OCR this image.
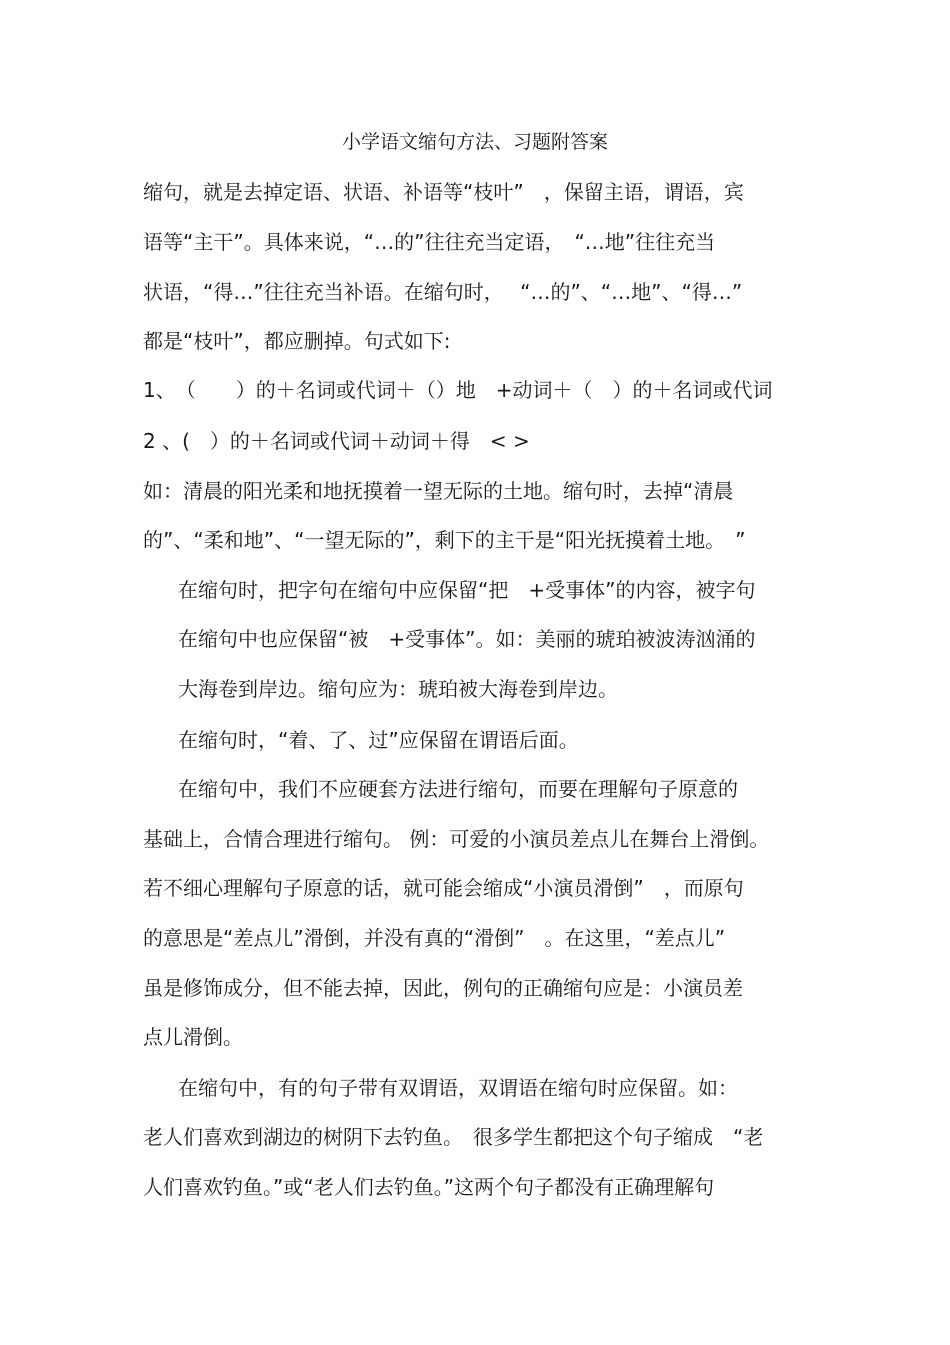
小学语文缩句方法、习题附答案
缩句，就是去掉定语、状语、补语等“枝叶”　，保留主语，谓语，宾
语等“主干”。具体来说，“…的”往往充当定语，　“…地”往往充当
状语，“得…”往往充当补语。在缩句时，　 “…的”、“…地”、“得…”
都是“枝叶”，都应删掉。句式如下:
1、　（　　）的＋名词或代词＋（）地　+动词＋（　）的＋名词或代词
2 、(　）的＋名词或代词＋动词＋得　< >
如：清晨的阳光柔和地抚摸着一望无际的土地。缩句时，去掉“清晨
的”、“柔和地”、“一望无际的”，剩下的主干是“阳光抚摸着土地。　”
在缩句时，把字句在缩句中应保留“把　+受事体”的内容，被字句
在缩句中也应保留“被　+受事体”。如：美丽的琥珀被波涛汹涌的
大海卷到岸边。缩句应为：琥珀被大海卷到岸边。
在缩句时，“着、了、过”应保留在谓语后面。
在缩句中，我们不应硬套方法进行缩句，而要在理解句子原意的
基础上，合情合理进行缩句。 例：可爱的小演员差点儿在舞台上滑倒。
若不细心理解句子原意的话，就可能会缩成“小演员滑倒”　，而原句
的意思是“差点儿”滑倒，并没有真的“滑倒”　。在这里，“差点儿”
虽是修饰成分，但不能去掉，因此，例句的正确缩句应是：小演员差
点儿滑倒。
在缩句中，有的句子带有双谓语，双谓语在缩句时应保留。如：
老人们喜欢到湖边的树阴下去钓鱼。　很多学生都把这个句子缩成　“老
人们喜欢钓鱼。”或“老人们去钓鱼。”这两个句子都没有正确理解句
